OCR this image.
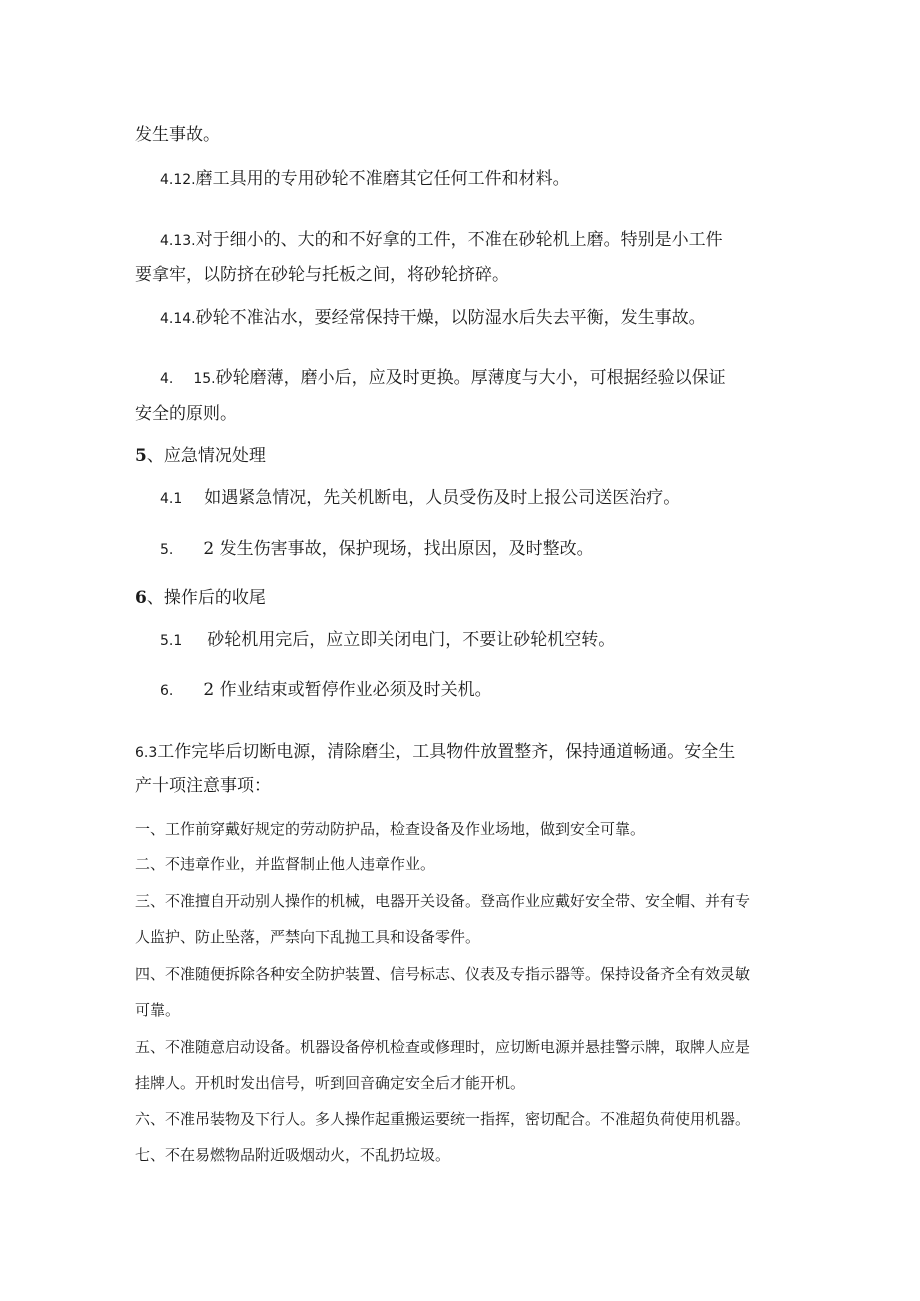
发生事故。
4.12.磨工具用的专用砂轮不准磨其它任何工件和材料。
4.13.对于细小的、大的和不好拿的工件，不准在砂轮机上磨。特别是小工件
要拿牢，以防挤在砂轮与托板之间，将砂轮挤碎。
4.14.砂轮不准沾水，要经常保持干燥，以防湿水后失去平衡，发生事故。
4. 15.砂轮磨薄，磨小后，应及时更换。厚薄度与大小，可根据经验以保证
安全的原则。
5、应急情况处理
4.1 如遇紧急情况，先关机断电，人员受伤及时上报公司送医治疗。
5. 2 发生伤害事故，保护现场，找出原因，及时整改。
6、操作后的收尾
5.1 砂轮机用完后，应立即关闭电门，不要让砂轮机空转。
6. 2 作业结束或暂停作业必须及时关机。
6.3工作完毕后切断电源，清除磨尘，工具物件放置整齐，保持通道畅通。安全生
产十项注意事项：
一、工作前穿戴好规定的劳动防护品，检查设备及作业场地，做到安全可靠。
二、不违章作业，并监督制止他人违章作业。
三、不准擅自开动别人操作的机械，电器开关设备。登高作业应戴好安全带、安全帽、并有专
人监护、防止坠落，严禁向下乱抛工具和设备零件。
四、不准随便拆除各种安全防护装置、信号标志、仪表及专指示器等。保持设备齐全有效灵敏
可靠。
五、不准随意启动设备。机器设备停机检查或修理时，应切断电源并悬挂警示牌，取牌人应是
挂牌人。开机时发出信号，听到回音确定安全后才能开机。
六、不准吊装物及下行人。多人操作起重搬运要统一指挥，密切配合。不准超负荷使用机器。
七、不在易燃物品附近吸烟动火，不乱扔垃圾。
